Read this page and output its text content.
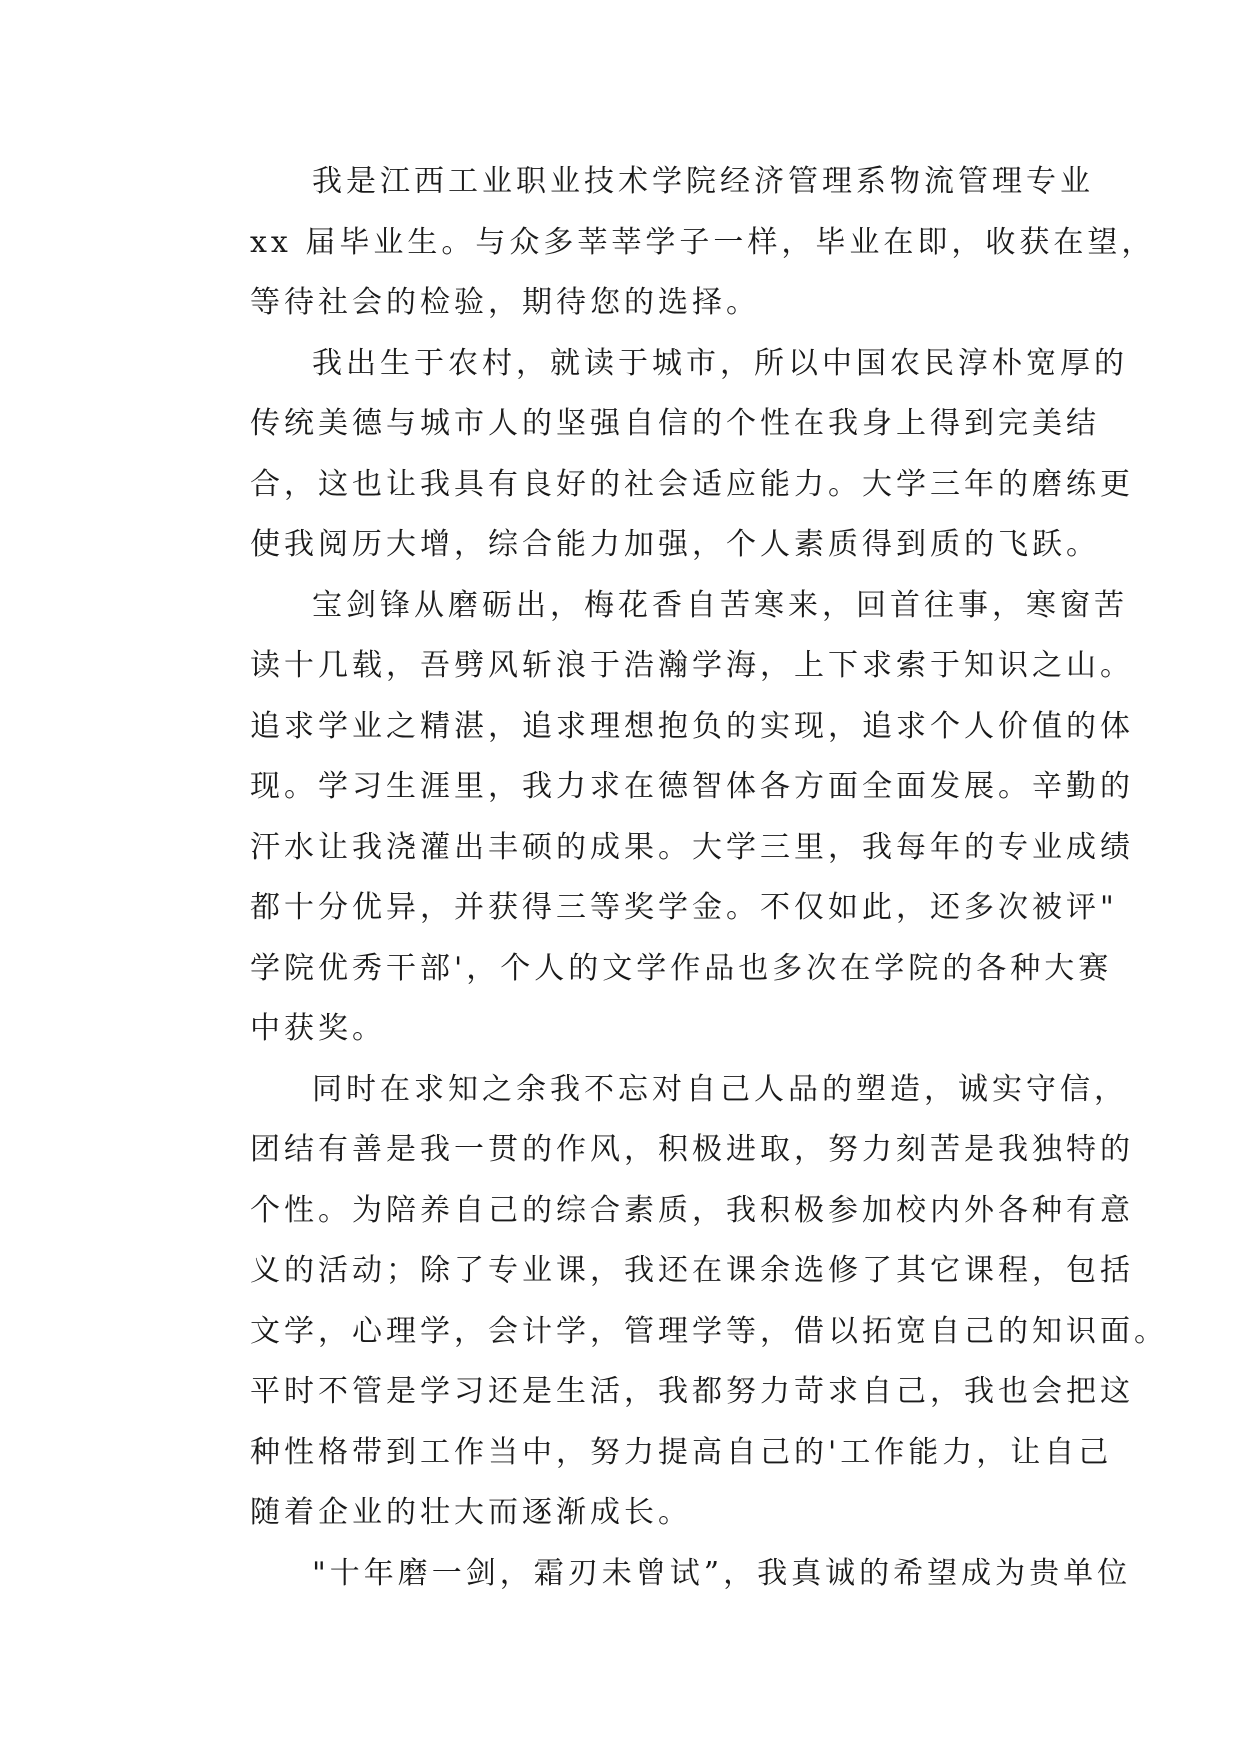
我是江西工业职业技术学院经济管理系物流管理专业
xx 届毕业生。与众多莘莘学子一样，毕业在即，收获在望，
等待社会的检验，期待您的选择。
我出生于农村，就读于城市，所以中国农民淳朴宽厚的
传统美德与城市人的坚强自信的个性在我身上得到完美结
合，这也让我具有良好的社会适应能力。大学三年的磨练更
使我阅历大增，综合能力加强，个人素质得到质的飞跃。
宝剑锋从磨砺出，梅花香自苦寒来，回首往事，寒窗苦
读十几载，吾劈风斩浪于浩瀚学海，上下求索于知识之山。
追求学业之精湛，追求理想抱负的实现，追求个人价值的体
现。学习生涯里，我力求在德智体各方面全面发展。辛勤的
汗水让我浇灌出丰硕的成果。大学三里，我每年的专业成绩
都十分优异，并获得三等奖学金。不仅如此，还多次被评"
学院优秀干部'，个人的文学作品也多次在学院的各种大赛
中获奖。
同时在求知之余我不忘对自己人品的塑造，诚实守信，
团结有善是我一贯的作风，积极进取，努力刻苦是我独特的
个性。为陪养自己的综合素质，我积极参加校内外各种有意
义的活动；除了专业课，我还在课余选修了其它课程，包括
文学，心理学，会计学，管理学等，借以拓宽自己的知识面。
平时不管是学习还是生活，我都努力苛求自己，我也会把这
种性格带到工作当中，努力提高自己的'工作能力，让自己
随着企业的壮大而逐渐成长。
"十年磨一剑，霜刃未曾试”，我真诚的希望成为贵单位
